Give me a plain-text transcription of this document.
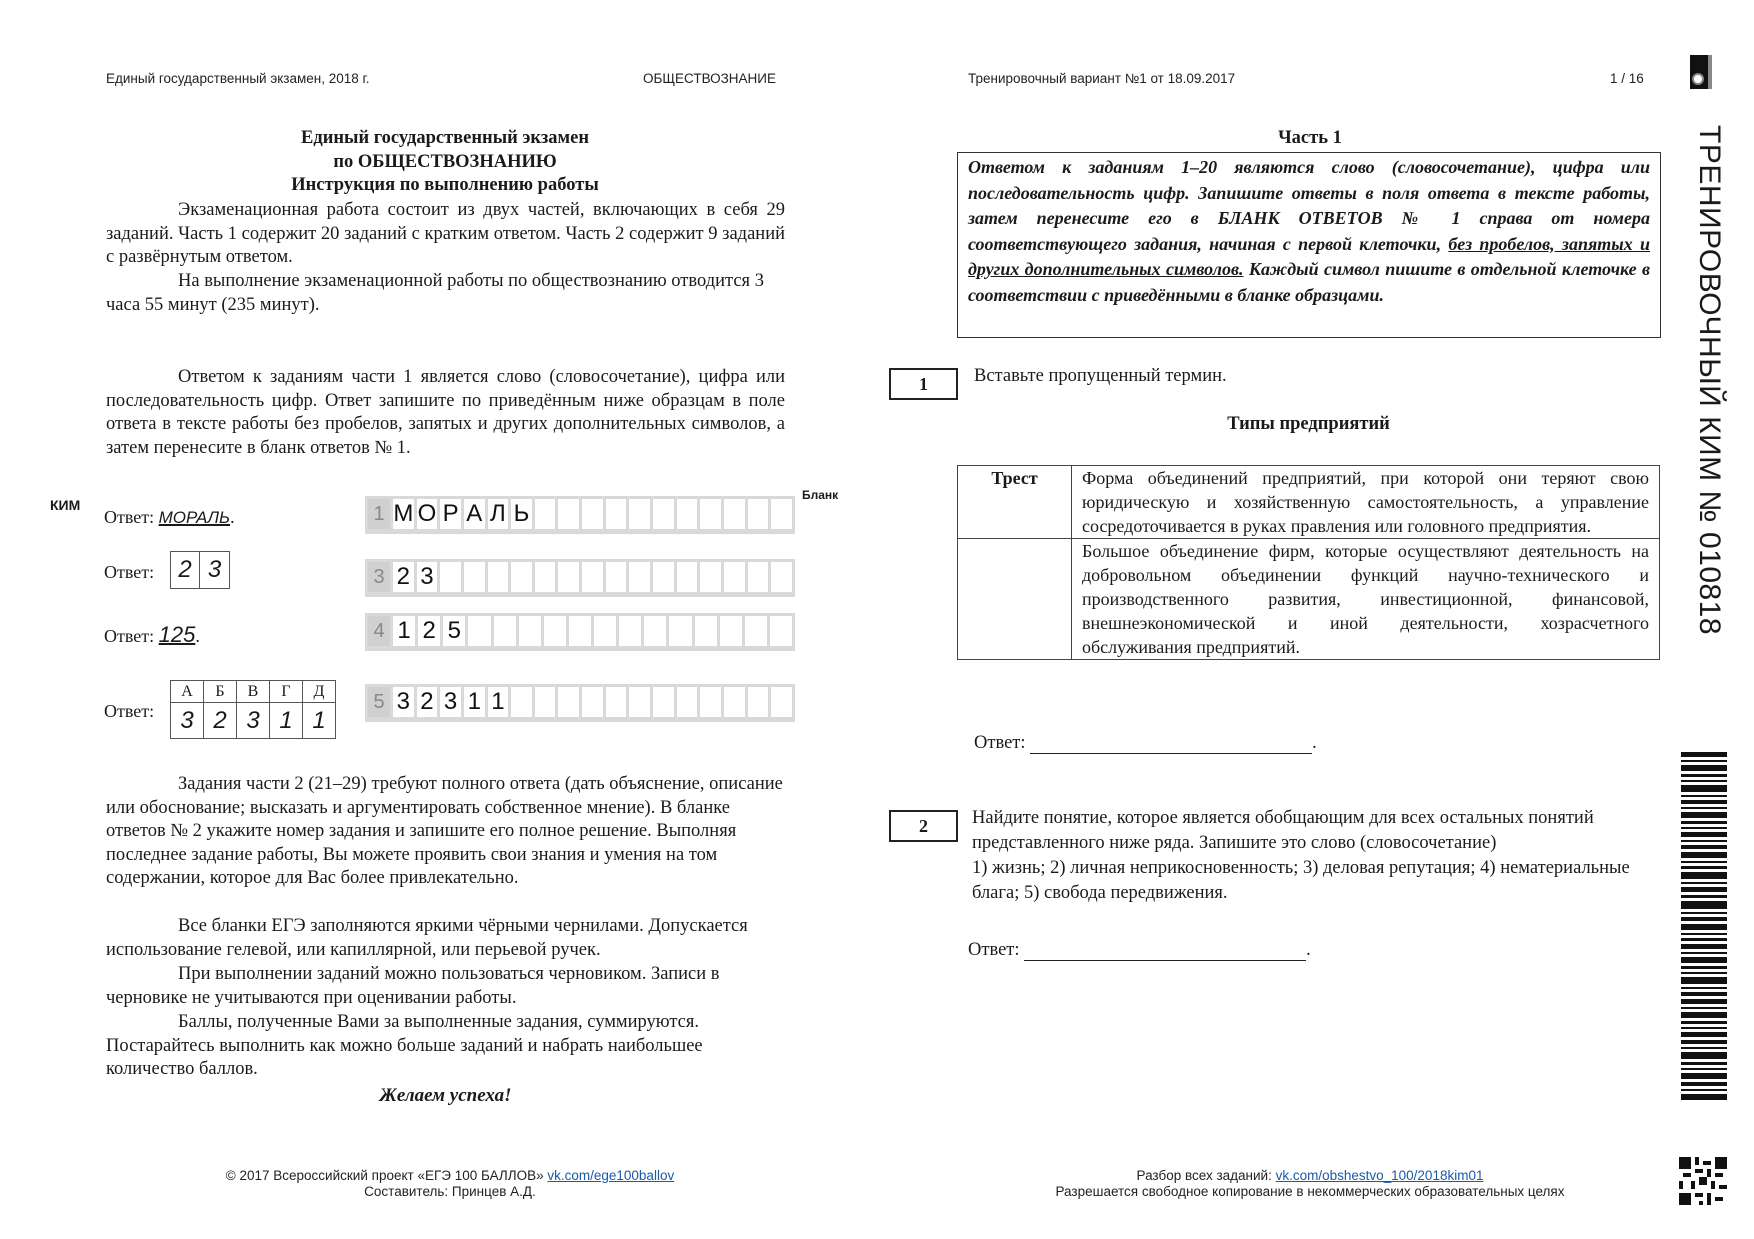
Единый государственный экзамен, 2018 г.	ОБЩЕСТВОЗНАНИЕ	Тренировочный вариант №1 от 18.09.2017	1 / 16
Единый государственный экзамен
по ОБЩЕСТВОЗНАНИЮ
Инструкция по выполнению работы
Экзаменационная работа состоит из двух частей, включающих в себя 29 заданий. Часть 1 содержит 20 заданий с кратким ответом. Часть 2 содержит 9 заданий с развёрнутым ответом.
На выполнение экзаменационной работы по обществознанию отводится 3 часа 55 минут (235 минут).
Ответом к заданиям части 1 является слово (словосочетание), цифра или последовательность цифр. Ответ запишите по приведённым ниже образцам в поле ответа в тексте работы без пробелов, запятых и других дополнительных символов, а затем перенесите в бланк ответов № 1.
КИМ
Бланк
Ответ: МОРАЛЬ.	1 М О Р А Л Ь
Ответ:	2 3	3 2 3
Ответ: 125.	4 1 2 5
Ответ:
А	Б	В	Г	Д
3	2	3	1	1
5 3 2 3 1 1
Задания части 2 (21–29) требуют полного ответа (дать объяснение, описание или обоснование; высказать и аргументировать собственное мнение). В бланке ответов № 2 укажите номер задания и запишите его полное решение. Выполняя последнее задание работы, Вы можете проявить свои знания и умения на том содержании, которое для Вас более привлекательно.
Все бланки ЕГЭ заполняются яркими чёрными чернилами. Допускается использование гелевой, или капиллярной, или перьевой ручек.
При выполнении заданий можно пользоваться черновиком. Записи в черновике не учитываются при оценивании работы.
Баллы, полученные Вами за выполненные задания, суммируются. Постарайтесь выполнить как можно больше заданий и набрать наибольшее количество баллов.
Желаем успеха!
Часть 1
Ответом к заданиям 1–20 являются слово (словосочетание), цифра или последовательность цифр. Запишите ответы в поля ответа в тексте работы, затем перенесите его в БЛАНК ОТВЕТОВ № 1 справа от номера соответствующего задания, начиная с первой клеточки, без пробелов, запятых и других дополнительных символов. Каждый символ пишите в отдельной клеточке в соответствии с приведёнными в бланке образцами.
1	Вставьте пропущенный термин.
Типы предприятий
Трест	Форма объединений предприятий, при которой они теряют свою юридическую и хозяйственную самостоятельность, а управление сосредоточивается в руках правления или головного предприятия.
	Большое объединение фирм, которые осуществляют деятельность на добровольном объединении функций научно-технического и производственного развития, инвестиционной, финансовой, внешнеэкономической и иной деятельности, хозрасчетного обслуживания предприятий.
Ответ:	.
2	Найдите понятие, которое является обобщающим для всех остальных понятий представленного ниже ряда. Запишите это слово (словосочетание)
1) жизнь; 2) личная неприкосновенность; 3) деловая репутация; 4) нематериальные блага; 5) свобода передвижения.
Ответ:	.
© 2017 Всероссийский проект «ЕГЭ 100 БАЛЛОВ» vk.com/ege100ballov
Составитель: Принцев А.Д.
Разбор всех заданий: vk.com/obshestvo_100/2018kim01
Разрешается свободное копирование в некоммерческих образовательных целях
ТРЕНИРОВОЧНЫЙ КИМ № 010818
